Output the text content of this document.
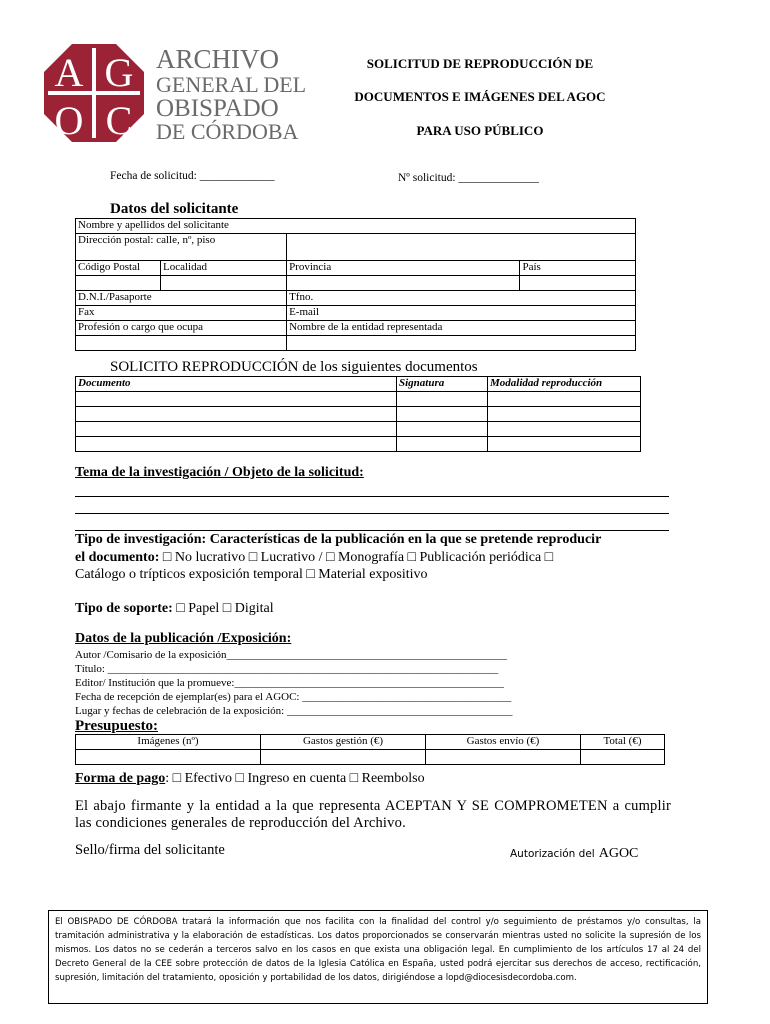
A G
O C
ARCHIVO
GENERAL DEL
OBISPADO
DE CÓRDOBA
SOLICITUD DE REPRODUCCIÓN DE
DOCUMENTOS E IMÁGENES DEL AGOC
PARA USO PÚBLICO
Fecha de solicitud: _____________	Nº solicitud: ______________
Datos del solicitante
Nombre y apellidos del solicitante			
Dirección postal: calle, nº, piso			
Código Postal	Localidad	Provincia	País

D.N.I./Pasaporte		Tfno.	
Fax		E-mail	
Profesión o cargo que ocupa		Nombre de la entidad representada	

SOLICITO REPRODUCCIÓN de los siguientes documentos
Documento	Signatura	Modalidad reproducción

Tema de la investigación / Objeto de la solicitud:
Tipo de investigación: Características de la publicación en la que se pretende reproducir
el documento: □ No lucrativo □ Lucrativo / □ Monografía □ Publicación periódica □
Catálogo o trípticos exposición temporal □ Material expositivo
Tipo de soporte: □ Papel □ Digital
Datos de la publicación /Exposición:
Autor /Comisario de la exposición___________________________________________________
Título: _______________________________________________________________________
Editor/ Institución que la promueve:_________________________________________________
Fecha de recepción de ejemplar(es) para el AGOC: ______________________________________
Lugar y fechas de celebración de la exposición: _________________________________________
Presupuesto:
Imágenes (nº)	Gastos gestión (€)	Gastos envío (€)	Total (€)

Forma de pago: □ Efectivo □ Ingreso en cuenta □ Reembolso
El abajo firmante y la entidad a la que representa ACEPTAN Y SE COMPROMETEN a cumplir las condiciones generales de reproducción del Archivo.
Sello/firma del solicitante	Autorización del AGOC
El OBISPADO DE CÓRDOBA tratará la información que nos facilita con la finalidad del control y/o seguimiento de préstamos y/o consultas, la tramitación administrativa y la elaboración de estadísticas. Los datos proporcionados se conservarán mientras usted no solicite la supresión de los mismos. Los datos no se cederán a terceros salvo en los casos en que exista una obligación legal. En cumplimiento de los artículos 17 al 24 del Decreto General de la CEE sobre protección de datos de la Iglesia Católica en España, usted podrá ejercitar sus derechos de acceso, rectificación, supresión, limitación del tratamiento, oposición y portabilidad de los datos, dirigiéndose a lopd@diocesisdecordoba.com.
